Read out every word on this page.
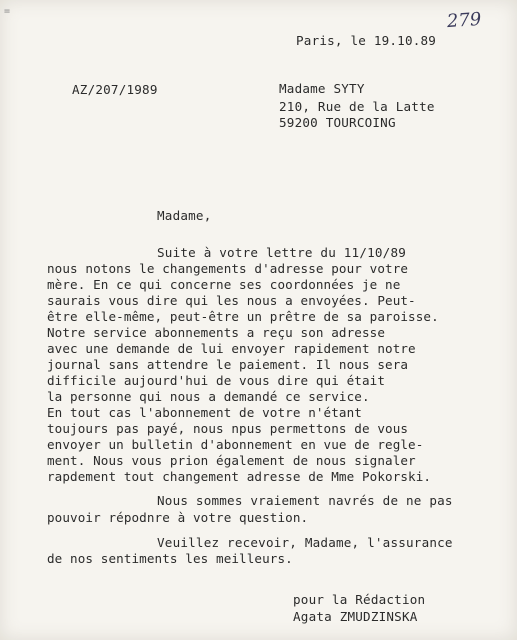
=	279
Paris, le 19.10.89
AZ/207/1989	Madame SYTY
210, Rue de la Latte
59200 TOURCOING
Madame,
Suite à votre lettre du 11/10/89
nous notons le changements d'adresse pour votre
mère. En ce qui concerne ses coordonnées je ne
saurais vous dire qui les nous a envoyées. Peut-
être elle-même, peut-être un prêtre de sa paroisse.
Notre service abonnements a reçu son adresse
avec une demande de lui envoyer rapidement notre
journal sans attendre le paiement. Il nous sera
difficile aujourd'hui de vous dire qui était
la personne qui nous a demandé ce service.
En tout cas l'abonnement de votre n'étant
toujours pas payé, nous npus permettons de vous
envoyer un bulletin d'abonnement en vue de regle-
ment. Nous vous prion également de nous signaler
rapdement tout changement adresse de Mme Pokorski.
Nous sommes vraiement navrés de ne pas
pouvoir répodnre à votre question.
Veuillez recevoir, Madame, l'assurance
de nos sentiments les meilleurs.
pour la Rédaction
Agata ZMUDZINSKA
